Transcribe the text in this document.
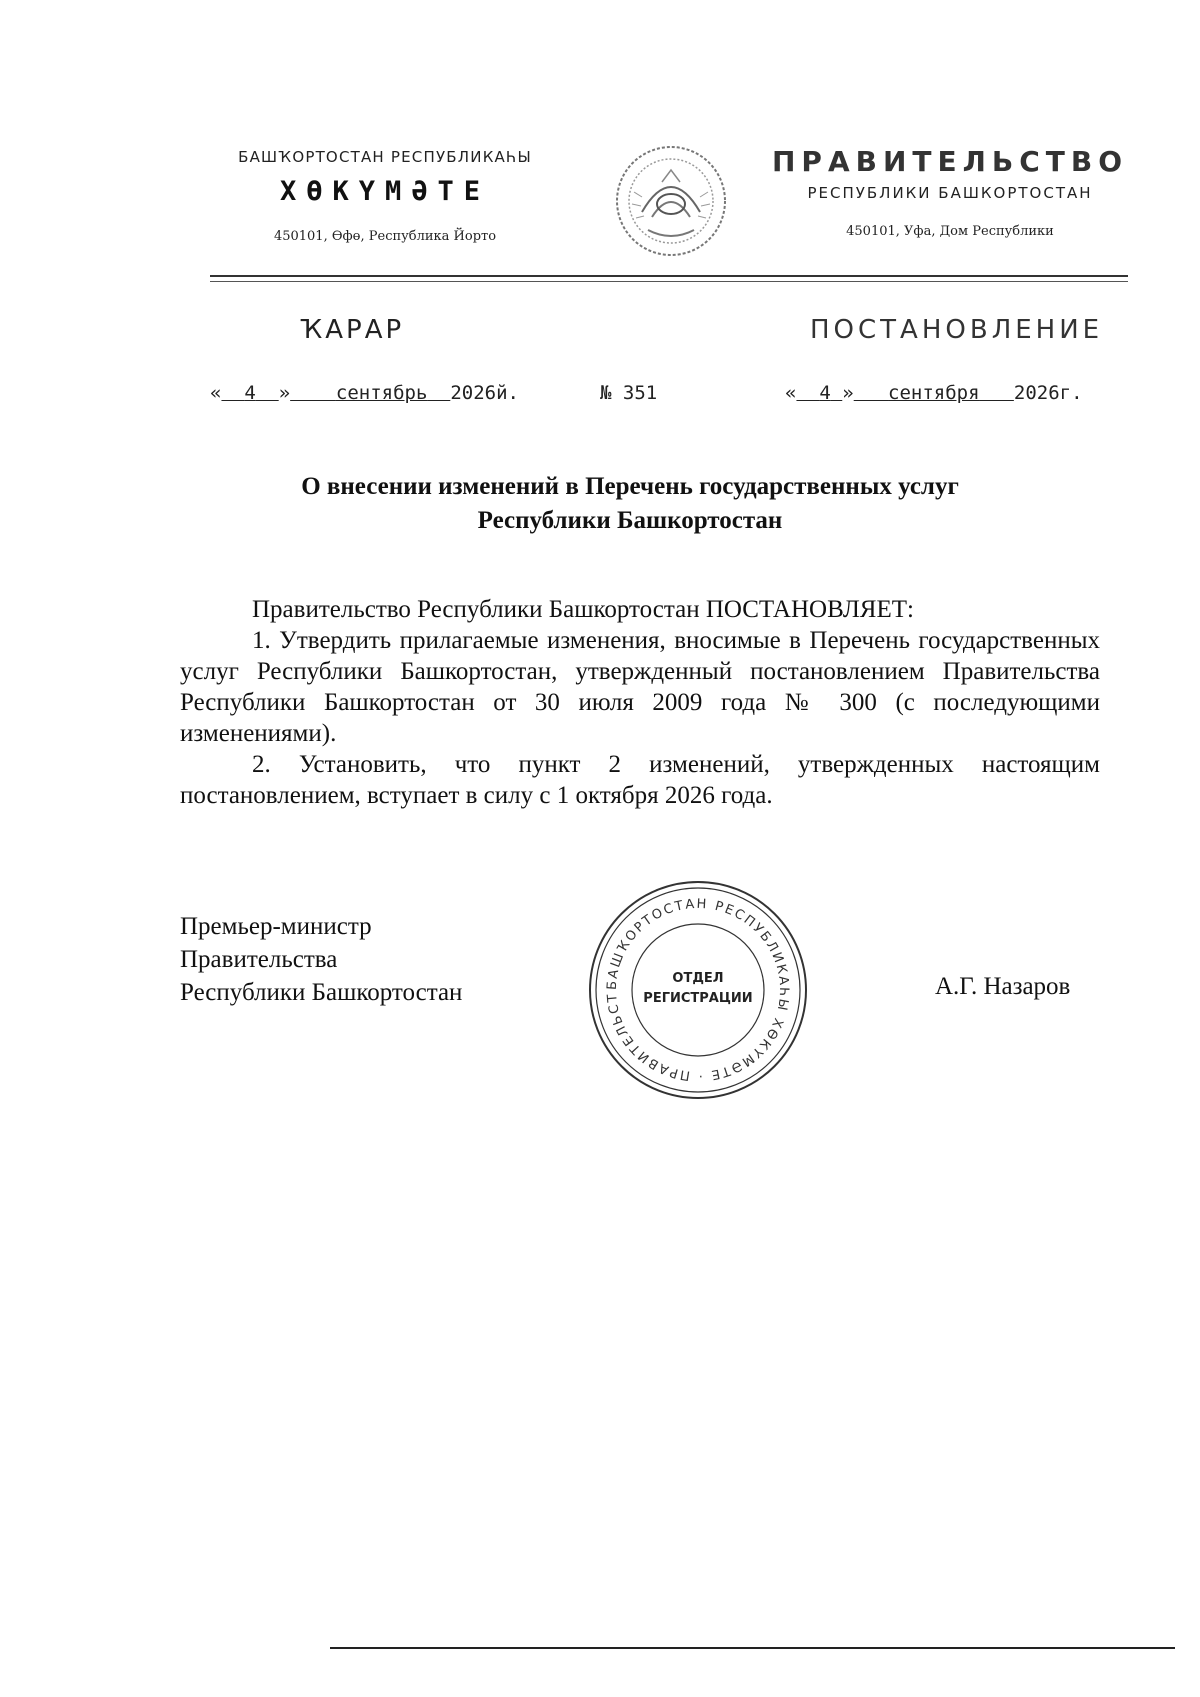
БАШҠОРТОСТАН РЕСПУБЛИКАҺЫ
ХӨКҮМӘТЕ
450101, Өфө, Республика Йорто
ПРАВИТЕЛЬСТВО
РЕСПУБЛИКИ БАШКОРТОСТАН
450101, Уфа, Дом Республики
ҠАРАР	ПОСТАНОВЛЕНИЕ
« 4 » сентябрь 2026й.	№ 351	« 4 » сентября 2026г.
О внесении изменений в Перечень государственных услуг
Республики Башкортостан

Правительство Республики Башкортостан ПОСТАНОВЛЯЕТ:

1. Утвердить прилагаемые изменения, вносимые в Перечень государственных услуг Республики Башкортостан, утвержденный постановлением Правительства Республики Башкортостан от 30 июля 2009 года № 300 (с последующими изменениями).

2. Установить, что пункт 2 изменений, утвержденных настоящим постановлением, вступает в силу с 1 октября 2026 года.

Премьер-министр
Правительства
Республики Башкортостан	А.Г. Назаров
БАШҠОРТОСТАН РЕСПУБЛИКАҺЫ ХӨКҮМӘТЕ · ПРАВИТЕЛЬСТ
ОТДЕЛ
РЕГИСТРАЦИИ
